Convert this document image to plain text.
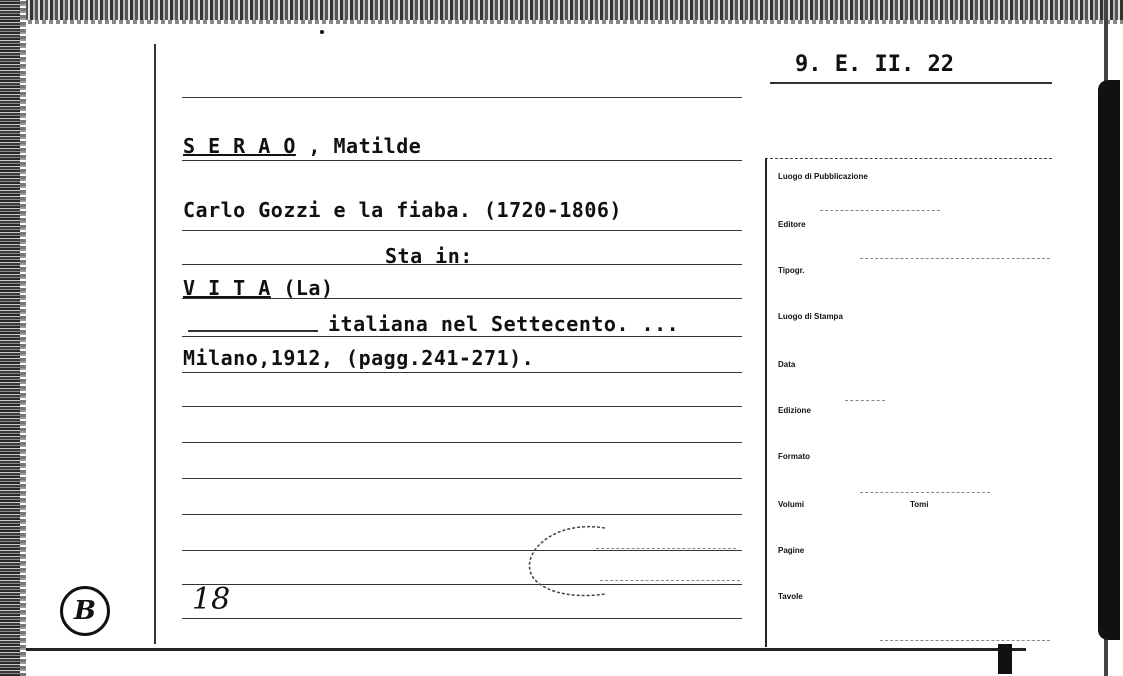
9. E. II. 22
S E R A O , Matilde
Carlo Gozzi e la fiaba. (1720-1806)
Sta in:
V I T A (La)
italiana nel Settecento. ...
Milano,1912, (pagg.241-271).
18
B
Luogo di Pubblicazione
Editore
Tipogr.
Luogo di Stampa
Data
Edizione
Formato
Volumi	Tomi
Pagine
Tavole
